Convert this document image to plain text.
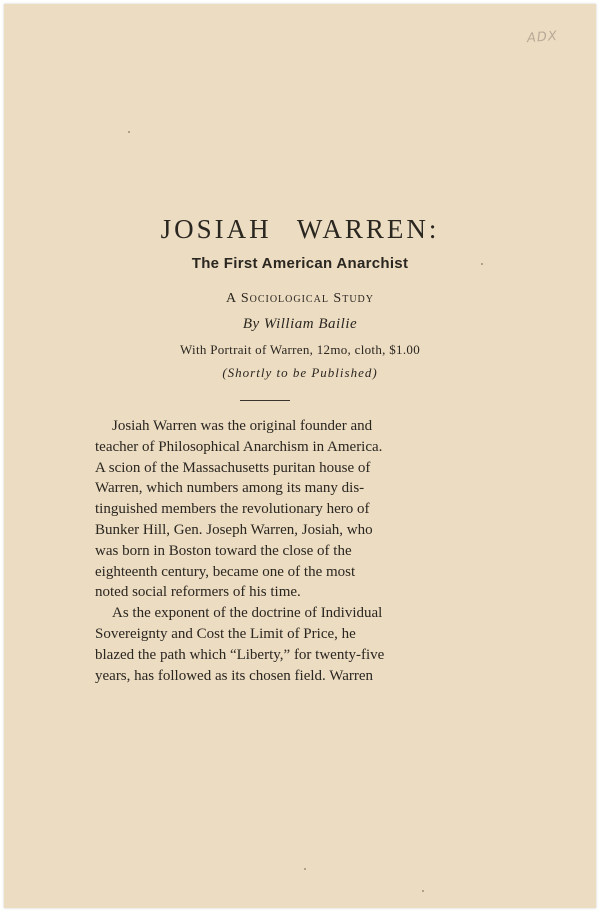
ADX
JOSIAH WARREN:
The First American Anarchist
A Sociological Study
By William Bailie
With Portrait of Warren, 12mo, cloth, $1.00
(Shortly to be Published)

Josiah Warren was the original founder and
teacher of Philosophical Anarchism in America.
A scion of the Massachusetts puritan house of
Warren, which numbers among its many dis-
tinguished members the revolutionary hero of
Bunker Hill, Gen. Joseph Warren, Josiah, who
was born in Boston toward the close of the
eighteenth century, became one of the most
noted social reformers of his time.

As the exponent of the doctrine of Individual
Sovereignty and Cost the Limit of Price, he
blazed the path which “Liberty,” for twenty-five
years, has followed as its chosen field. Warren
